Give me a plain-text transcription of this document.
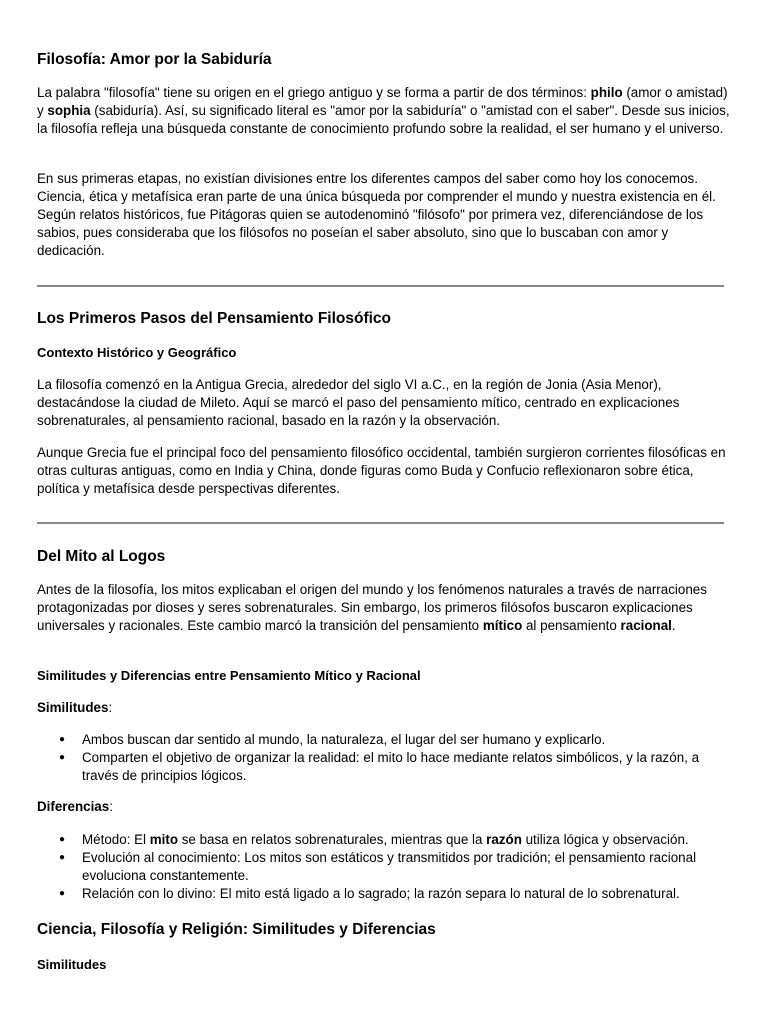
Filosofía: Amor por la Sabiduría

La palabra "filosofía" tiene su origen en el griego antiguo y se forma a partir de dos términos: philo (amor o amistad) y sophia (sabiduría). Así, su significado literal es "amor por la sabiduría" o "amistad con el saber". Desde sus inicios, la filosofía refleja una búsqueda constante de conocimiento profundo sobre la realidad, el ser humano y el universo.

En sus primeras etapas, no existían divisiones entre los diferentes campos del saber como hoy los conocemos. Ciencia, ética y metafísica eran parte de una única búsqueda por comprender el mundo y nuestra existencia en él. Según relatos históricos, fue Pitágoras quien se autodenominó "filósofo" por primera vez, diferenciándose de los sabios, pues consideraba que los filósofos no poseían el saber absoluto, sino que lo buscaban con amor y dedicación.

Los Primeros Pasos del Pensamiento Filosófico
Contexto Histórico y Geográfico

La filosofía comenzó en la Antigua Grecia, alrededor del siglo VI a.C., en la región de Jonia (Asia Menor), destacándose la ciudad de Mileto. Aquí se marcó el paso del pensamiento mítico, centrado en explicaciones sobrenaturales, al pensamiento racional, basado en la razón y la observación.

Aunque Grecia fue el principal foco del pensamiento filosófico occidental, también surgieron corrientes filosóficas en otras culturas antiguas, como en India y China, donde figuras como Buda y Confucio reflexionaron sobre ética, política y metafísica desde perspectivas diferentes.

Del Mito al Logos

Antes de la filosofía, los mitos explicaban el origen del mundo y los fenómenos naturales a través de narraciones protagonizadas por dioses y seres sobrenaturales. Sin embargo, los primeros filósofos buscaron explicaciones universales y racionales. Este cambio marcó la transición del pensamiento mítico al pensamiento racional.

Similitudes y Diferencias entre Pensamiento Mítico y Racional

Similitudes:

● Ambos buscan dar sentido al mundo, la naturaleza, el lugar del ser humano y explicarlo.
● Comparten el objetivo de organizar la realidad: el mito lo hace mediante relatos simbólicos, y la razón, a través de principios lógicos.

Diferencias:

● Método: El mito se basa en relatos sobrenaturales, mientras que la razón utiliza lógica y observación.
● Evolución al conocimiento: Los mitos son estáticos y transmitidos por tradición; el pensamiento racional evoluciona constantemente.
● Relación con lo divino: El mito está ligado a lo sagrado; la razón separa lo natural de lo sobrenatural.
Ciencia, Filosofía y Religión: Similitudes y Diferencias
Similitudes
